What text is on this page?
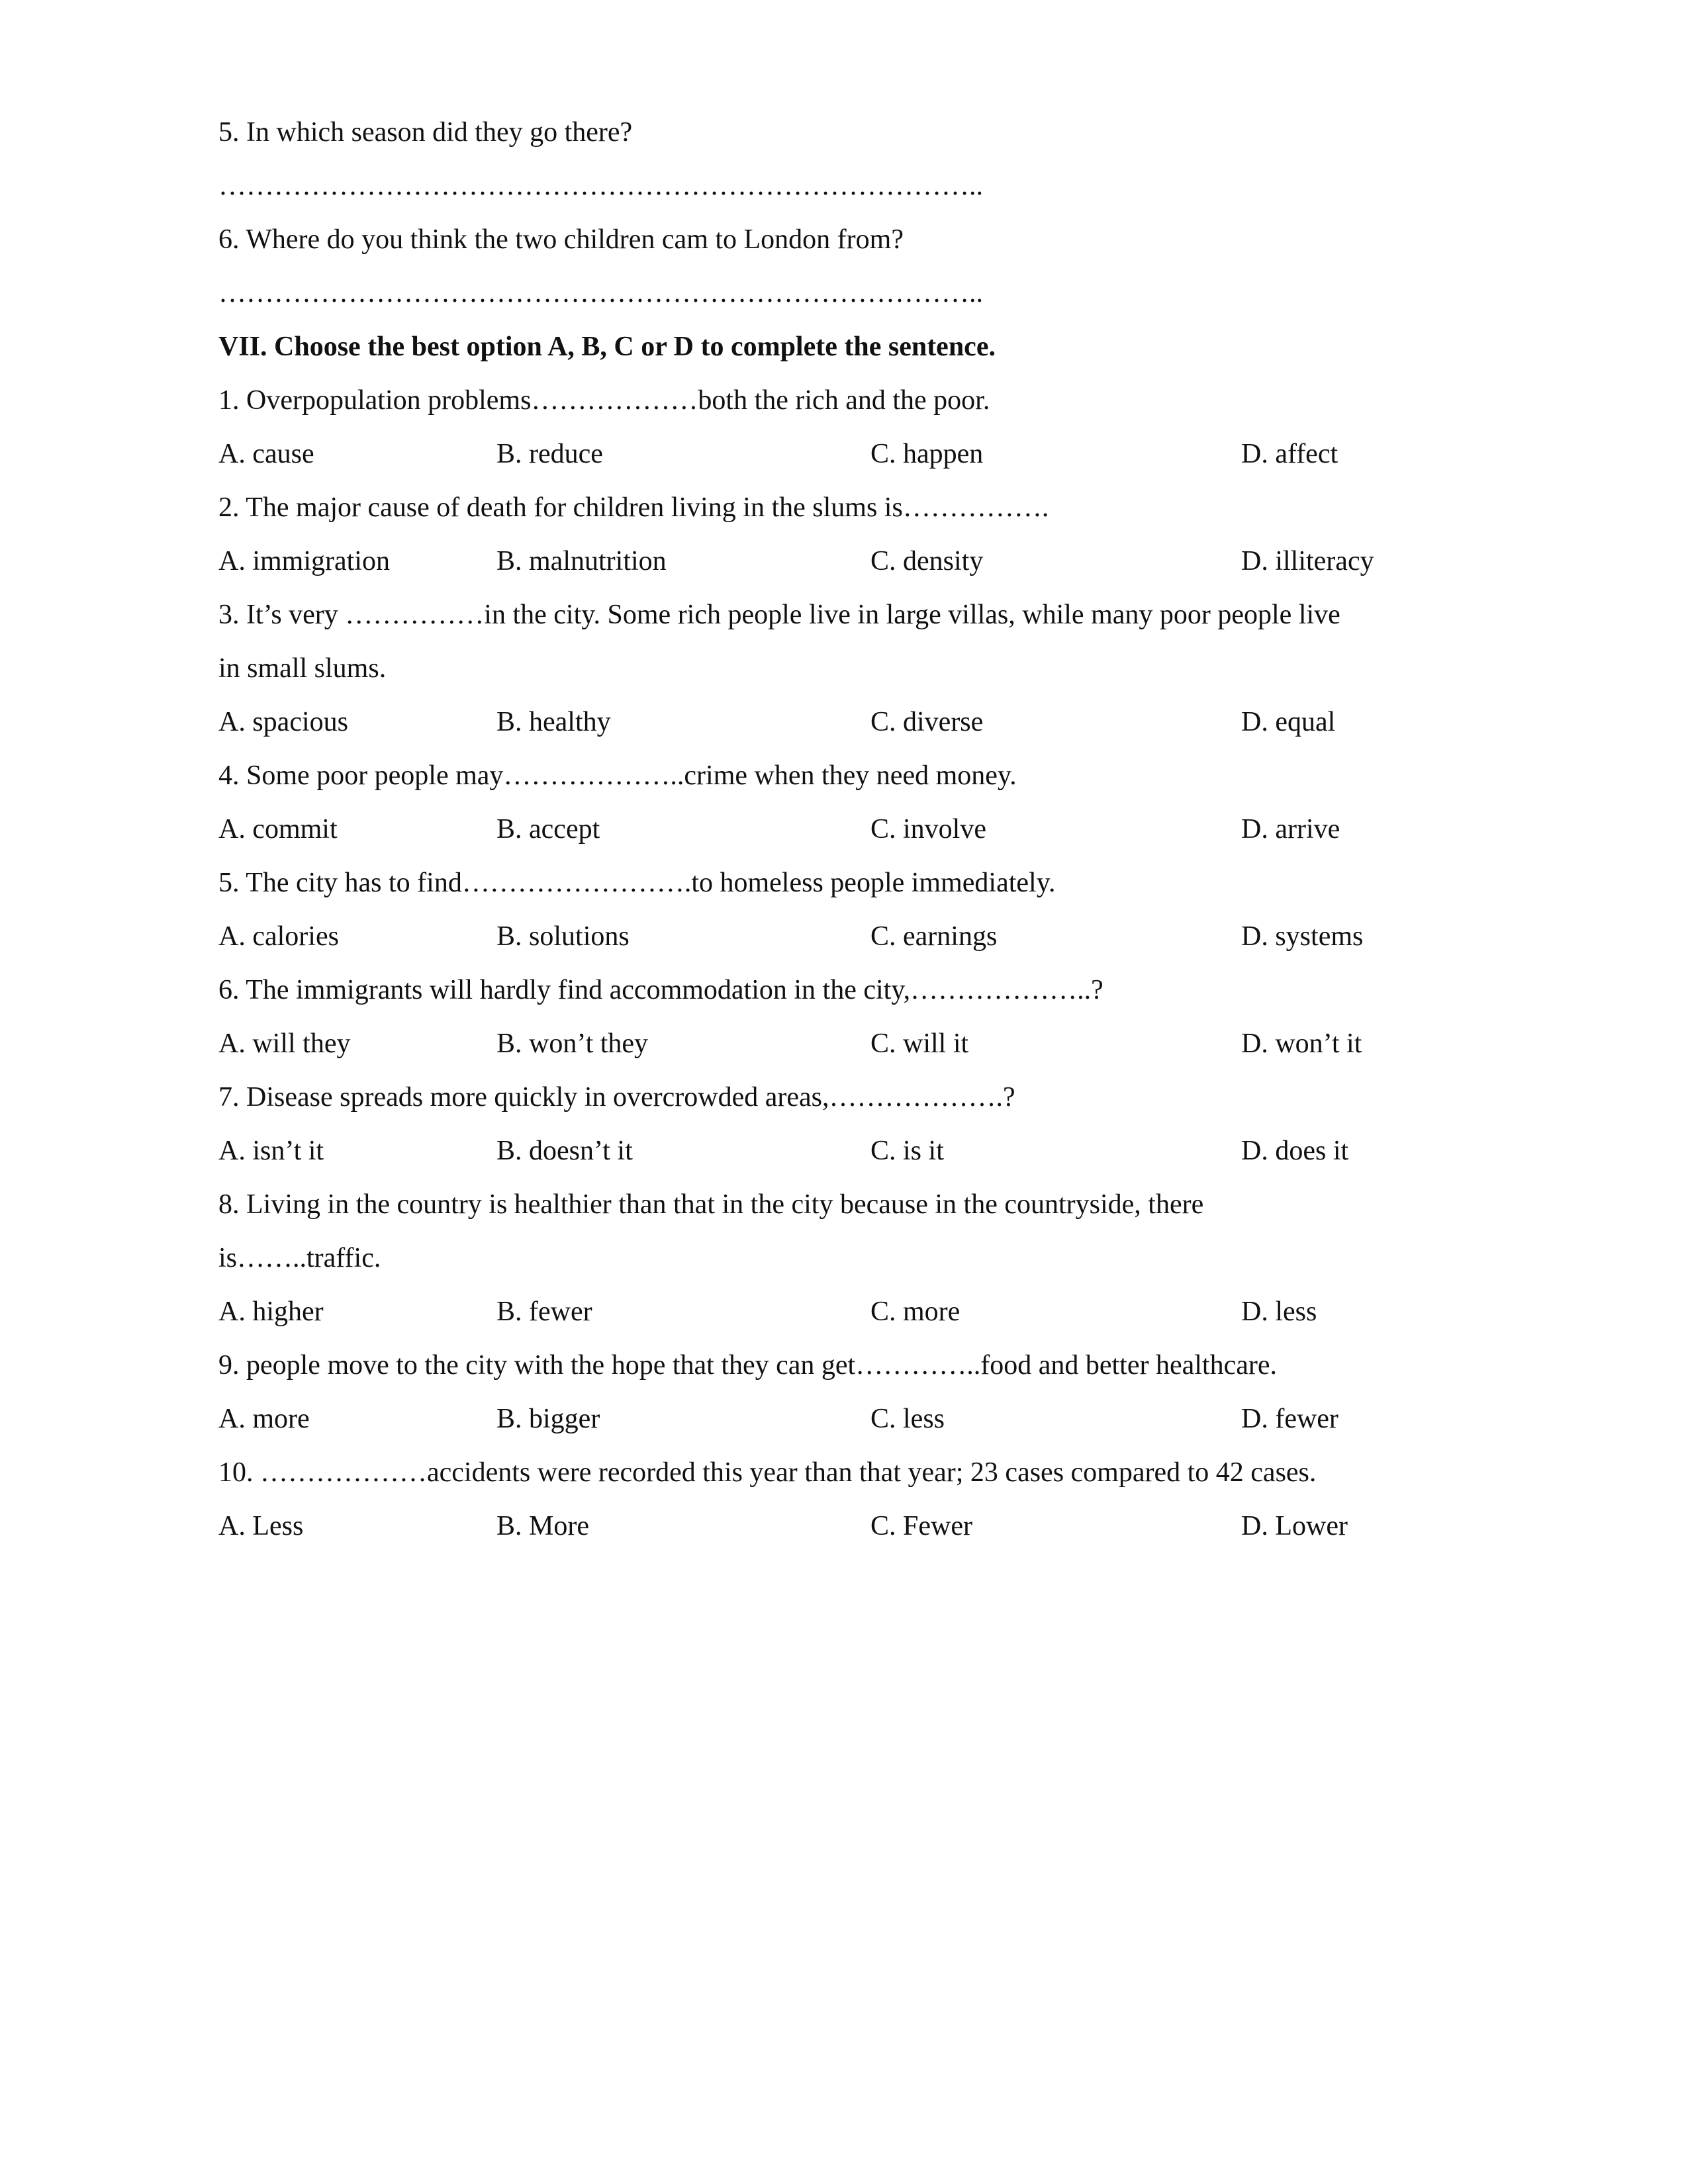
5. In which season did they go there?
………………………………………………………………………..
6. Where do you think the two children cam to London from?
………………………………………………………………………..
VII. Choose the best option A, B, C or D to complete the sentence.
1. Overpopulation problems………………both the rich and the poor.
A. cause	B. reduce	C. happen	D. affect
2. The major cause of death for children living in the slums is…………….
A. immigration	B. malnutrition	C. density	D. illiteracy
3. It’s very ……………in the city. Some rich people live in large villas, while many poor people live
in small slums.
A. spacious	B. healthy	C. diverse	D. equal
4. Some poor people may………………..crime when they need money.
A. commit	B. accept	C. involve	D. arrive
5. The city has to find…………………….to homeless people immediately.
A. calories	B. solutions	C. earnings	D. systems
6. The immigrants will hardly find accommodation in the city,………………..?
A. will they	B. won’t they	C. will it	D. won’t it
7. Disease spreads more quickly in overcrowded areas,……………….?
A. isn’t it	B. doesn’t it	C. is it	D. does it
8. Living in the country is healthier than that in the city because in the countryside, there
is……..traffic.
A. higher	B. fewer	C. more	D. less
9. people move to the city with the hope that they can get…………..food and better healthcare.
A. more	B. bigger	C. less	D. fewer
10. ………………accidents were recorded this year than that year; 23 cases compared to 42 cases.
A. Less	B. More	C. Fewer	D. Lower
